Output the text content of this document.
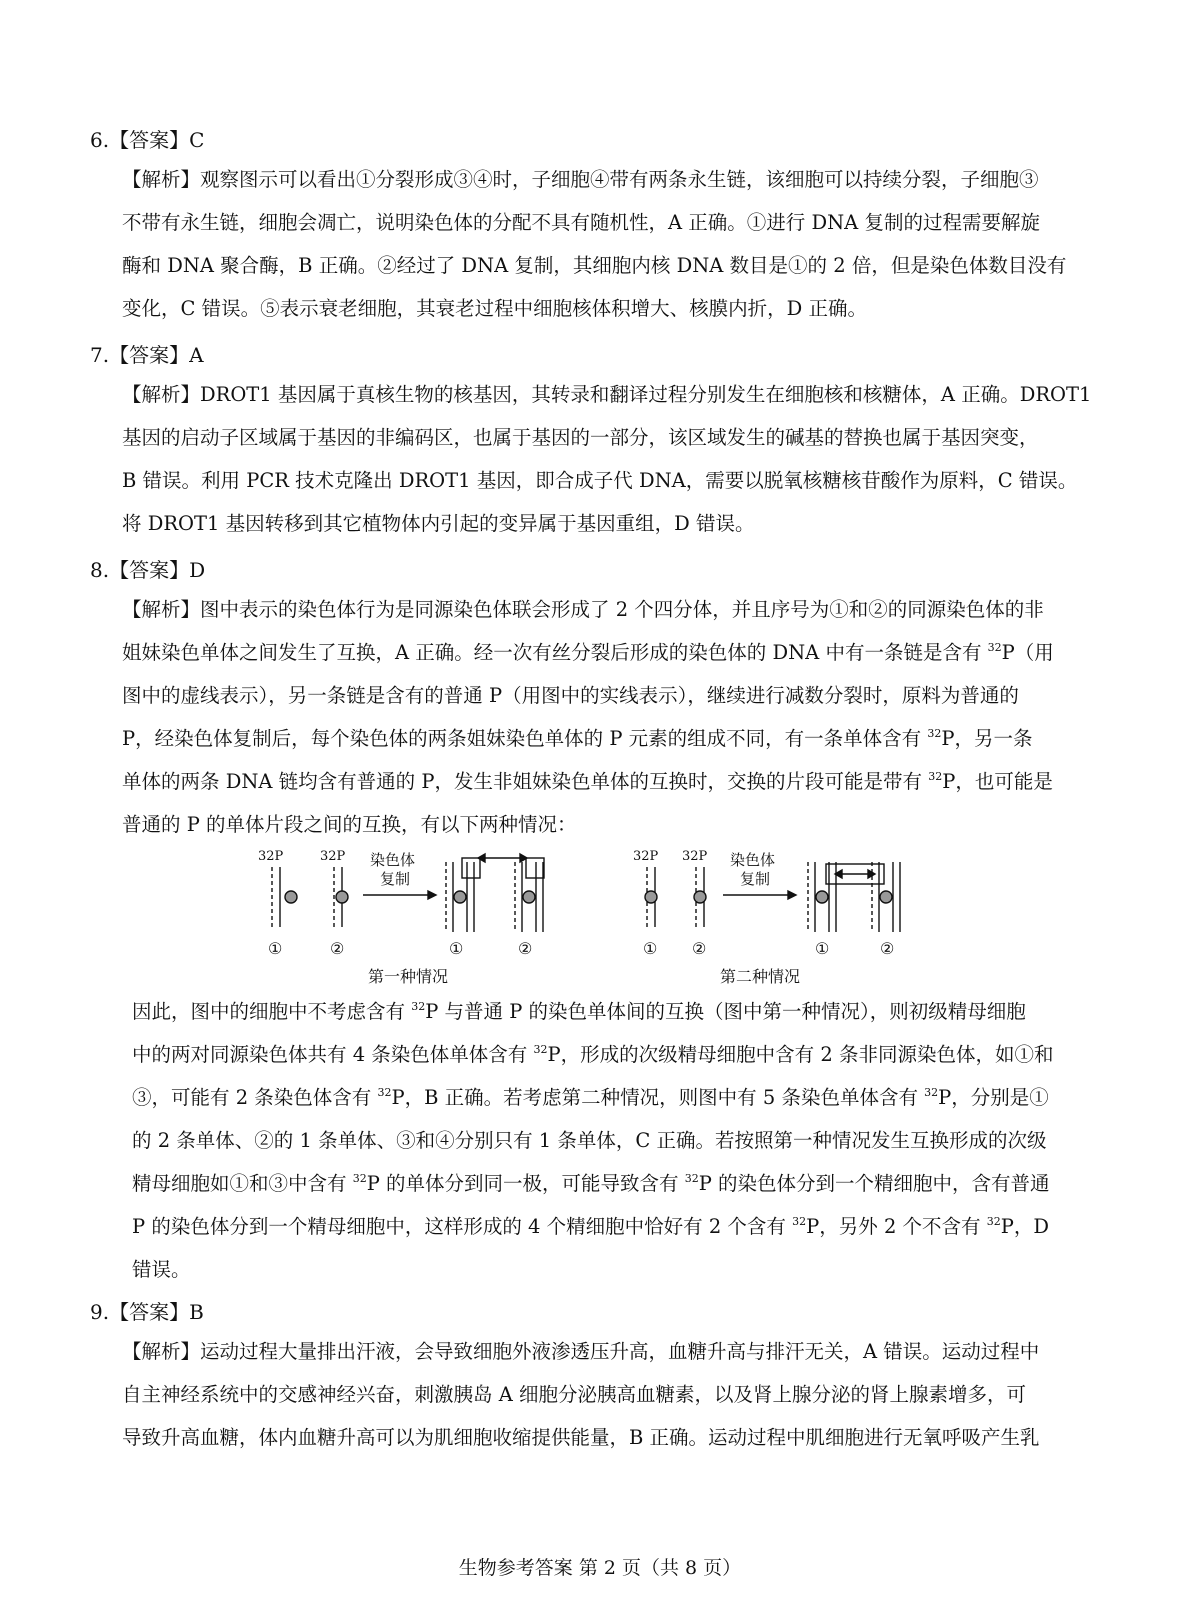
6.【答案】C

【解析】观察图示可以看出①分裂形成③④时，子细胞④带有两条永生链，该细胞可以持续分裂，子细胞③

不带有永生链，细胞会凋亡，说明染色体的分配不具有随机性，A 正确。①进行 DNA 复制的过程需要解旋

酶和 DNA 聚合酶，B 正确。②经过了 DNA 复制，其细胞内核 DNA 数目是①的 2 倍，但是染色体数目没有

变化，C 错误。⑤表示衰老细胞，其衰老过程中细胞核体积增大、核膜内折，D 正确。

7.【答案】A

【解析】DROT1 基因属于真核生物的核基因，其转录和翻译过程分别发生在细胞核和核糖体，A 正确。DROT1

基因的启动子区域属于基因的非编码区，也属于基因的一部分，该区域发生的碱基的替换也属于基因突变，

B 错误。利用 PCR 技术克隆出 DROT1 基因，即合成子代 DNA，需要以脱氧核糖核苷酸作为原料，C 错误。

将 DROT1 基因转移到其它植物体内引起的变异属于基因重组，D 错误。

8.【答案】D

【解析】图中表示的染色体行为是同源染色体联会形成了 2 个四分体，并且序号为①和②的同源染色体的非

姐妹染色单体之间发生了互换，A 正确。经一次有丝分裂后形成的染色体的 DNA 中有一条链是含有 $^{32}$P（用

图中的虚线表示），另一条链是含有的普通 P（用图中的实线表示），继续进行减数分裂时，原料为普通的

P，经染色体复制后，每个染色体的两条姐妹染色单体的 P 元素的组成不同，有一条单体含有 $^{32}$P，另一条

单体的两条 DNA 链均含有普通的 P，发生非姐妹染色单体的互换时，交换的片段可能是带有 $^{32}$P，也可能是

普通的 P 的单体片段之间的互换，有以下两种情况：

32P	32P 染色体
复制
①	②	①	②
第一种情况
32P 32P 染色体
复制
① ②	①	②
第二种情况

因此，图中的细胞中不考虑含有 $^{32}$P 与普通 P 的染色单体间的互换（图中第一种情况），则初级精母细胞

中的两对同源染色体共有 4 条染色体单体含有 $^{32}$P，形成的次级精母细胞中含有 2 条非同源染色体，如①和

③，可能有 2 条染色体含有 $^{32}$P，B 正确。若考虑第二种情况，则图中有 5 条染色单体含有 $^{32}$P，分别是①

的 2 条单体、②的 1 条单体、③和④分别只有 1 条单体，C 正确。若按照第一种情况发生互换形成的次级

精母细胞如①和③中含有 $^{32}$P 的单体分到同一极，可能导致含有 $^{32}$P 的染色体分到一个精细胞中，含有普通

P 的染色体分到一个精母细胞中，这样形成的 4 个精细胞中恰好有 2 个含有 $^{32}$P，另外 2 个不含有 $^{32}$P，D

错误。

9.【答案】B

【解析】运动过程大量排出汗液，会导致细胞外液渗透压升高，血糖升高与排汗无关，A 错误。运动过程中

自主神经系统中的交感神经兴奋，刺激胰岛 A 细胞分泌胰高血糖素，以及肾上腺分泌的肾上腺素增多，可

导致升高血糖，体内血糖升高可以为肌细胞收缩提供能量，B 正确。运动过程中肌细胞进行无氧呼吸产生乳

生物参考答案 第 2 页（共 8 页）
